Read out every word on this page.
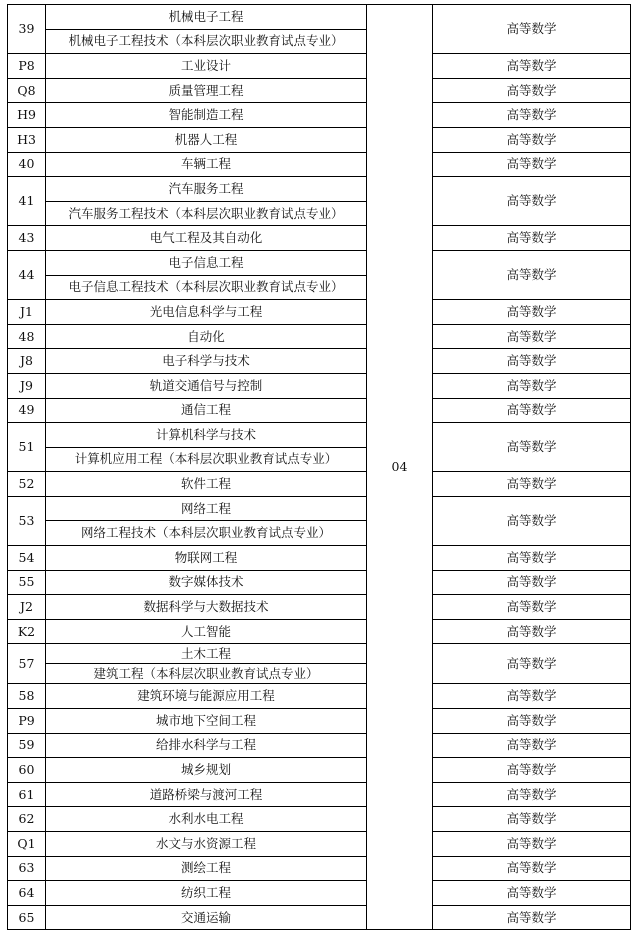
39	机械电子工程	04	高等数学
	机械电子工程技术（本科层次职业教育试点专业）		
P8	工业设计		高等数学
Q8	质量管理工程		高等数学
H9	智能制造工程		高等数学
H3	机器人工程		高等数学
40	车辆工程		高等数学
41	汽车服务工程		高等数学
	汽车服务工程技术（本科层次职业教育试点专业）		
43	电气工程及其自动化		高等数学
44	电子信息工程		高等数学
	电子信息工程技术（本科层次职业教育试点专业）		
J1	光电信息科学与工程		高等数学
48	自动化		高等数学
J8	电子科学与技术		高等数学
J9	轨道交通信号与控制		高等数学
49	通信工程		高等数学
51	计算机科学与技术		高等数学
	计算机应用工程（本科层次职业教育试点专业）		
52	软件工程		高等数学
53	网络工程		高等数学
	网络工程技术（本科层次职业教育试点专业）		
54	物联网工程		高等数学
55	数字媒体技术		高等数学
J2	数据科学与大数据技术		高等数学
K2	人工智能		高等数学
57	土木工程		高等数学
	建筑工程（本科层次职业教育试点专业）		
58	建筑环境与能源应用工程		高等数学
P9	城市地下空间工程		高等数学
59	给排水科学与工程		高等数学
60	城乡规划		高等数学
61	道路桥梁与渡河工程		高等数学
62	水利水电工程		高等数学
Q1	水文与水资源工程		高等数学
63	测绘工程		高等数学
64	纺织工程		高等数学
65	交通运输		高等数学
